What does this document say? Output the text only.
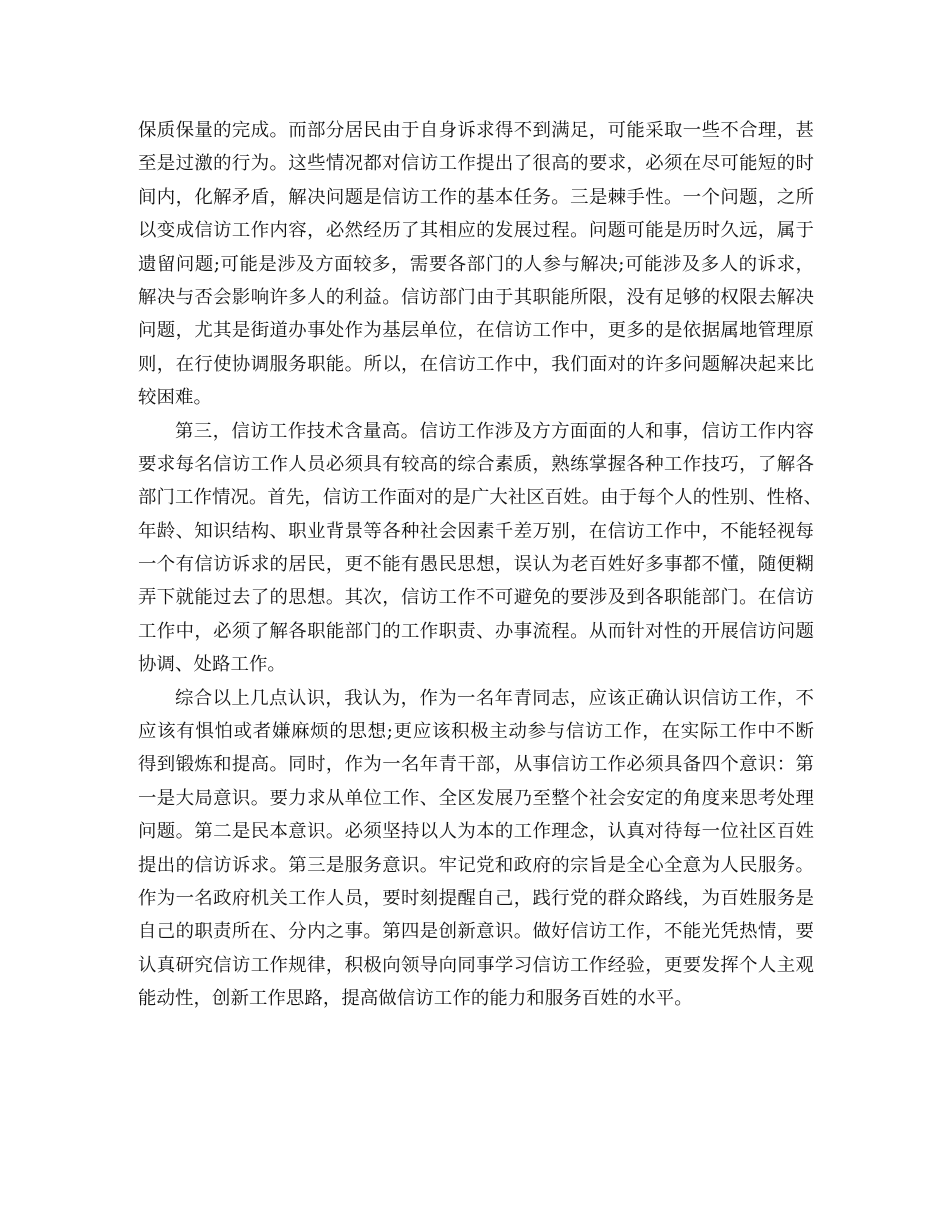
保质保量的完成。而部分居民由于自身诉求得不到满足，可能采取一些不合理，甚
至是过激的行为。这些情况都对信访工作提出了很高的要求，必须在尽可能短的时
间内，化解矛盾，解决问题是信访工作的基本任务。三是棘手性。一个问题，之所
以变成信访工作内容，必然经历了其相应的发展过程。问题可能是历时久远，属于
遗留问题;可能是涉及方面较多，需要各部门的人参与解决;可能涉及多人的诉求，
解决与否会影响许多人的利益。信访部门由于其职能所限，没有足够的权限去解决
问题，尤其是街道办事处作为基层单位，在信访工作中，更多的是依据属地管理原
则，在行使协调服务职能。所以，在信访工作中，我们面对的许多问题解决起来比
较困难。
第三，信访工作技术含量高。信访工作涉及方方面面的人和事，信访工作内容
要求每名信访工作人员必须具有较高的综合素质，熟练掌握各种工作技巧，了解各
部门工作情况。首先，信访工作面对的是广大社区百姓。由于每个人的性别、性格、
年龄、知识结构、职业背景等各种社会因素千差万别，在信访工作中，不能轻视每
一个有信访诉求的居民，更不能有愚民思想，误认为老百姓好多事都不懂，随便糊
弄下就能过去了的思想。其次，信访工作不可避免的要涉及到各职能部门。在信访
工作中，必须了解各职能部门的工作职责、办事流程。从而针对性的开展信访问题
协调、处路工作。
综合以上几点认识，我认为，作为一名年青同志，应该正确认识信访工作，不
应该有惧怕或者嫌麻烦的思想;更应该积极主动参与信访工作，在实际工作中不断
得到锻炼和提高。同时，作为一名年青干部，从事信访工作必须具备四个意识：第
一是大局意识。要力求从单位工作、全区发展乃至整个社会安定的角度来思考处理
问题。第二是民本意识。必须坚持以人为本的工作理念，认真对待每一位社区百姓
提出的信访诉求。第三是服务意识。牢记党和政府的宗旨是全心全意为人民服务。
作为一名政府机关工作人员，要时刻提醒自己，践行党的群众路线，为百姓服务是
自己的职责所在、分内之事。第四是创新意识。做好信访工作，不能光凭热情，要
认真研究信访工作规律，积极向领导向同事学习信访工作经验，更要发挥个人主观
能动性，创新工作思路，提高做信访工作的能力和服务百姓的水平。
